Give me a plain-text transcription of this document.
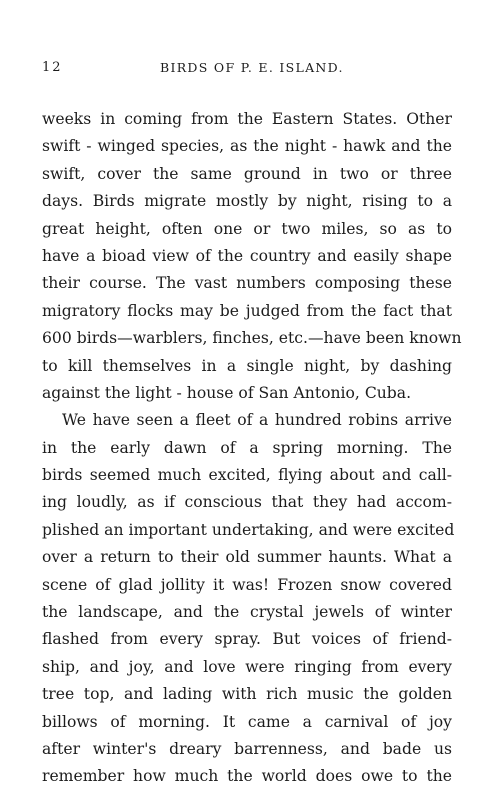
12	BIRDS OF P. E. ISLAND.
weeks in coming from the Eastern States. Other
swift - winged species, as the night - hawk and the
swift, cover the same ground in two or three
days. Birds migrate mostly by night, rising to a
great height, often one or two miles, so as to
have a bioad view of the country and easily shape
their course. The vast numbers composing these
migratory flocks may be judged from the fact that
600 birds—warblers, finches, etc.—have been known
to kill themselves in a single night, by dashing
against the light - house of San Antonio, Cuba.
We have seen a fleet of a hundred robins arrive
in the early dawn of a spring morning. The
birds seemed much excited, flying about and call-
ing loudly, as if conscious that they had accom-
plished an important undertaking, and were excited
over a return to their old summer haunts. What a
scene of glad jollity it was! Frozen snow covered
the landscape, and the crystal jewels of winter
flashed from every spray. But voices of friend-
ship, and joy, and love were ringing from every
tree top, and lading with rich music the golden
billows of morning. It came a carnival of joy
after winter's dreary barrenness, and bade us
remember how much the world does owe to the
